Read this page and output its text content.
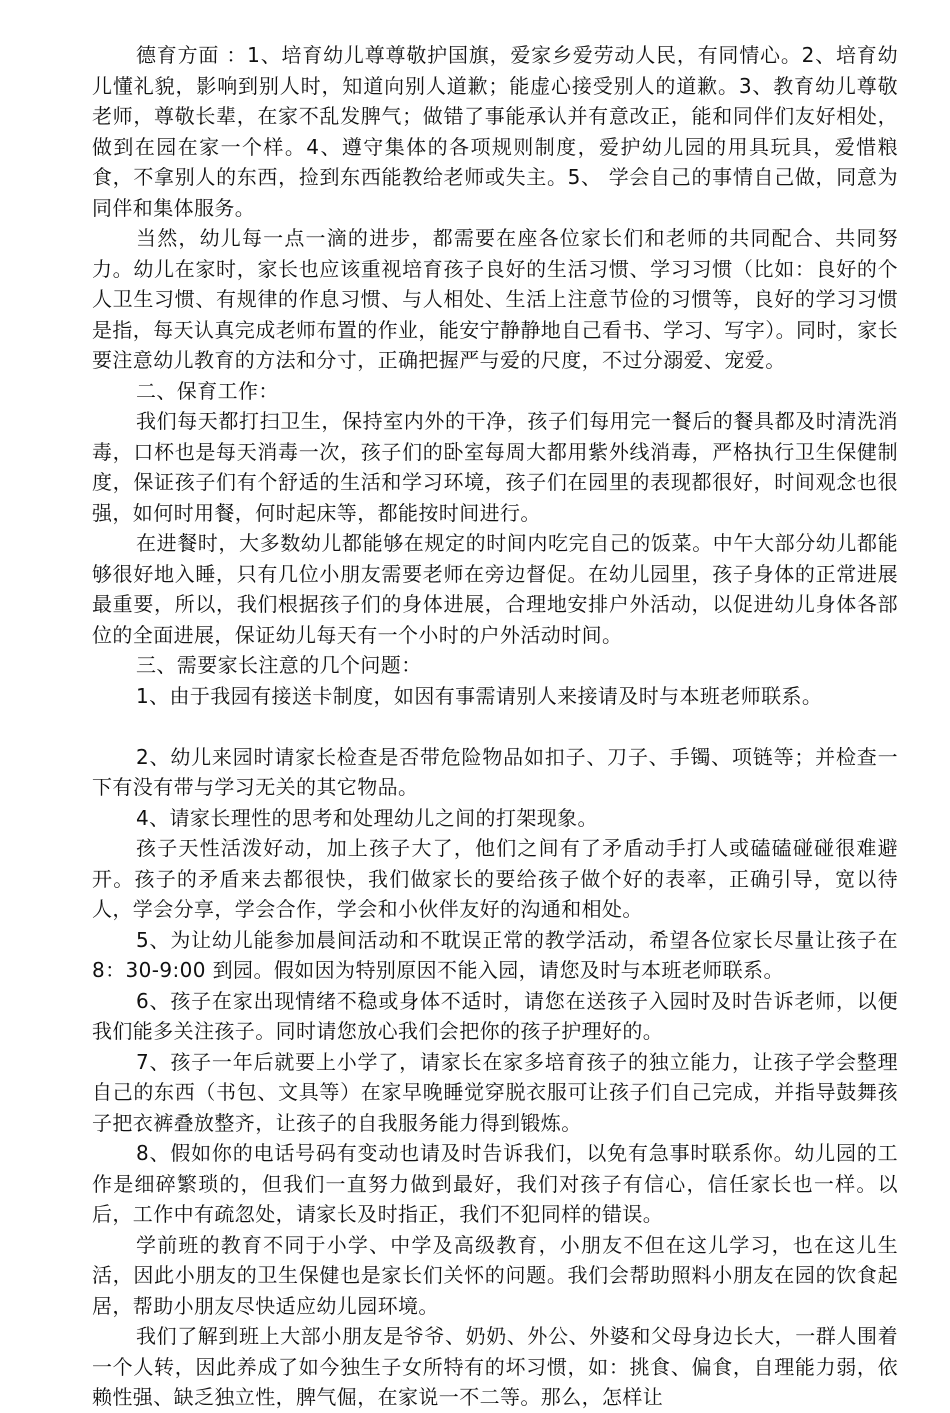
德育方面 ：1、培育幼儿尊尊敬护国旗，爱家乡爱劳动人民，有同情心。2、培育幼儿懂礼貌，影响到别人时，知道向别人道歉；能虚心接受别人的道歉。3、教育幼儿尊敬老师，尊敬长辈，在家不乱发脾气；做错了事能承认并有意改正，能和同伴们友好相处，做到在园在家一个样。4、遵守集体的各项规则制度，爱护幼儿园的用具玩具，爱惜粮食，不拿别人的东西，捡到东西能教给老师或失主。5、 学会自己的事情自己做，同意为同伴和集体服务。

当然，幼儿每一点一滴的进步，都需要在座各位家长们和老师的共同配合、共同努力。幼儿在家时，家长也应该重视培育孩子良好的生活习惯、学习习惯（比如：良好的个人卫生习惯、有规律的作息习惯、与人相处、生活上注意节俭的习惯等，良好的学习习惯是指，每天认真完成老师布置的作业，能安宁静静地自己看书、学习、写字）。同时，家长要注意幼儿教育的方法和分寸，正确把握严与爱的尺度，不过分溺爱、宠爱。

二、保育工作：

我们每天都打扫卫生，保持室内外的干净，孩子们每用完一餐后的餐具都及时清洗消毒，口杯也是每天消毒一次，孩子们的卧室每周大都用紫外线消毒，严格执行卫生保健制度，保证孩子们有个舒适的生活和学习环境，孩子们在园里的表现都很好，时间观念也很强，如何时用餐，何时起床等，都能按时间进行。

在进餐时，大多数幼儿都能够在规定的时间内吃完自己的饭菜。中午大部分幼儿都能够很好地入睡，只有几位小朋友需要老师在旁边督促。在幼儿园里，孩子身体的正常进展最重要，所以，我们根据孩子们的身体进展，合理地安排户外活动，以促进幼儿身体各部位的全面进展，保证幼儿每天有一个小时的户外活动时间。

三、需要家长注意的几个问题：

1、由于我园有接送卡制度，如因有事需请别人来接请及时与本班老师联系。

2、幼儿来园时请家长检查是否带危险物品如扣子、刀子、手镯、项链等；并检查一下有没有带与学习无关的其它物品。

4、请家长理性的思考和处理幼儿之间的打架现象。

孩子天性活泼好动，加上孩子大了，他们之间有了矛盾动手打人或磕磕碰碰很难避开。孩子的矛盾来去都很快，我们做家长的要给孩子做个好的表率，正确引导，宽以待人，学会分享，学会合作，学会和小伙伴友好的沟通和相处。

5、为让幼儿能参加晨间活动和不耽误正常的教学活动，希望各位家长尽量让孩子在 8：30-9:00 到园。假如因为特别原因不能入园，请您及时与本班老师联系。

6、孩子在家出现情绪不稳或身体不适时，请您在送孩子入园时及时告诉老师，以便我们能多关注孩子。同时请您放心我们会把你的孩子护理好的。

7、孩子一年后就要上小学了，请家长在家多培育孩子的独立能力，让孩子学会整理自己的东西（书包、文具等）在家早晚睡觉穿脱衣服可让孩子们自己完成，并指导鼓舞孩子把衣裤叠放整齐，让孩子的自我服务能力得到锻炼。

8、假如你的电话号码有变动也请及时告诉我们，以免有急事时联系你。幼儿园的工作是细碎繁琐的，但我们一直努力做到最好，我们对孩子有信心，信任家长也一样。以后，工作中有疏忽处，请家长及时指正，我们不犯同样的错误。

学前班的教育不同于小学、中学及高级教育，小朋友不但在这儿学习，也在这儿生活，因此小朋友的卫生保健也是家长们关怀的问题。我们会帮助照料小朋友在园的饮食起居，帮助小朋友尽快适应幼儿园环境。

我们了解到班上大部小朋友是爷爷、奶奶、外公、外婆和父母身边长大，一群人围着一个人转，因此养成了如今独生子女所特有的坏习惯，如：挑食、偏食，自理能力弱，依赖性强、缺乏独立性，脾气倔，在家说一不二等。那么，怎样让
